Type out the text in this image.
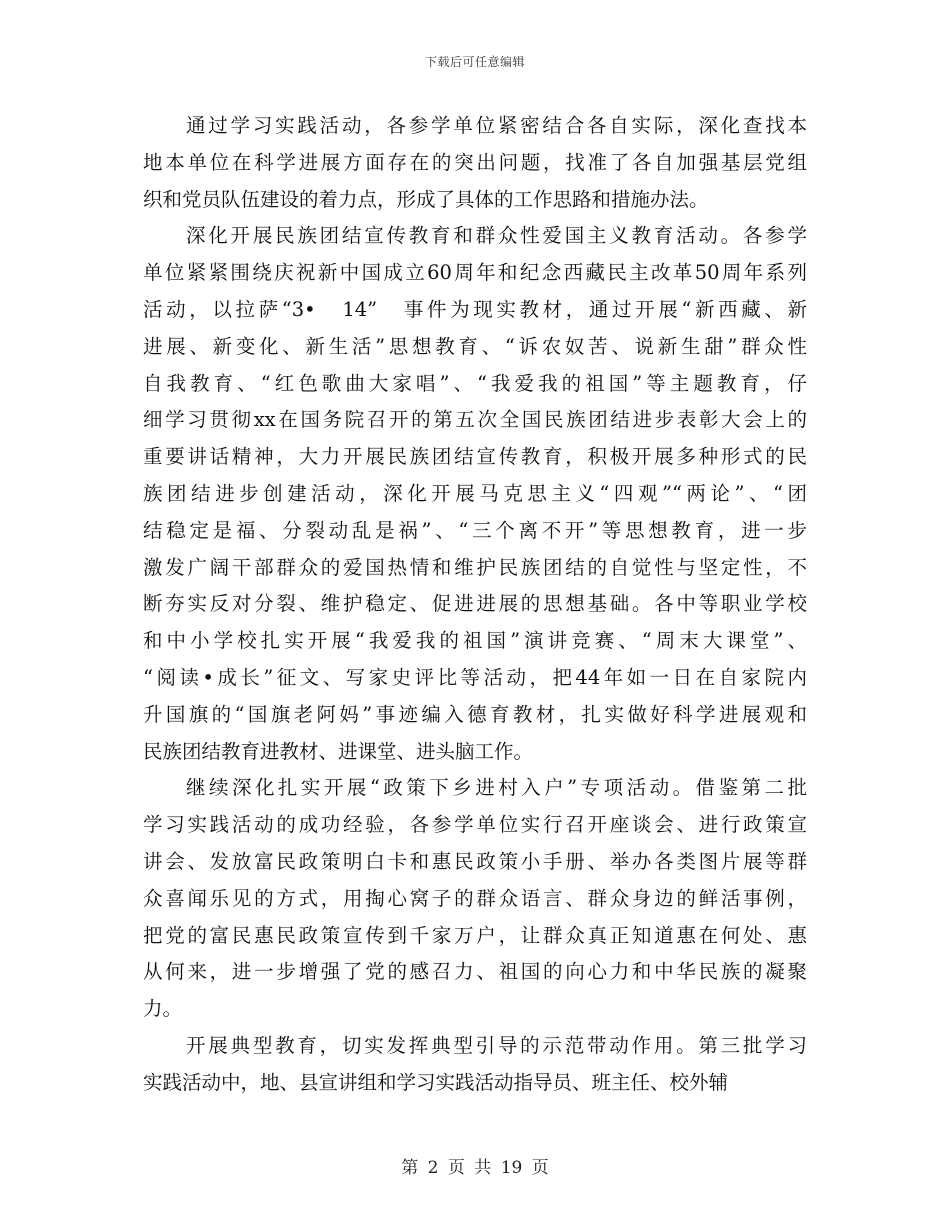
下载后可任意编辑
通过学习实践活动，各参学单位紧密结合各自实际，深化查找本
地本单位在科学进展方面存在的突出问题，找准了各自加强基层党组
织和党员队伍建设的着力点，形成了具体的工作思路和措施办法。
深化开展民族团结宣传教育和群众性爱国主义教育活动。各参学
单位紧紧围绕庆祝新中国成立60周年和纪念西藏民主改革50周年系列
活动，以拉萨“3•　14”　事件为现实教材，通过开展“新西藏、新
进展、新变化、新生活”思想教育、“诉农奴苦、说新生甜”群众性
自我教育、“红色歌曲大家唱”、“我爱我的祖国”等主题教育，仔
细学习贯彻xx在国务院召开的第五次全国民族团结进步表彰大会上的
重要讲话精神，大力开展民族团结宣传教育，积极开展多种形式的民
族团结进步创建活动，深化开展马克思主义“四观”“两论”、“团
结稳定是福、分裂动乱是祸”、“三个离不开”等思想教育，进一步
激发广阔干部群众的爱国热情和维护民族团结的自觉性与坚定性，不
断夯实反对分裂、维护稳定、促进进展的思想基础。各中等职业学校
和中小学校扎实开展“我爱我的祖国”演讲竞赛、“周末大课堂”、
“阅读•成长”征文、写家史评比等活动，把44年如一日在自家院内
升国旗的“国旗老阿妈”事迹编入德育教材，扎实做好科学进展观和
民族团结教育进教材、进课堂、进头脑工作。
继续深化扎实开展“政策下乡进村入户”专项活动。借鉴第二批
学习实践活动的成功经验，各参学单位实行召开座谈会、进行政策宣
讲会、发放富民政策明白卡和惠民政策小手册、举办各类图片展等群
众喜闻乐见的方式，用掏心窝子的群众语言、群众身边的鲜活事例，
把党的富民惠民政策宣传到千家万户，让群众真正知道惠在何处、惠
从何来，进一步增强了党的感召力、祖国的向心力和中华民族的凝聚
力。
开展典型教育，切实发挥典型引导的示范带动作用。第三批学习
实践活动中，地、县宣讲组和学习实践活动指导员、班主任、校外辅
第 2 页 共 19 页
